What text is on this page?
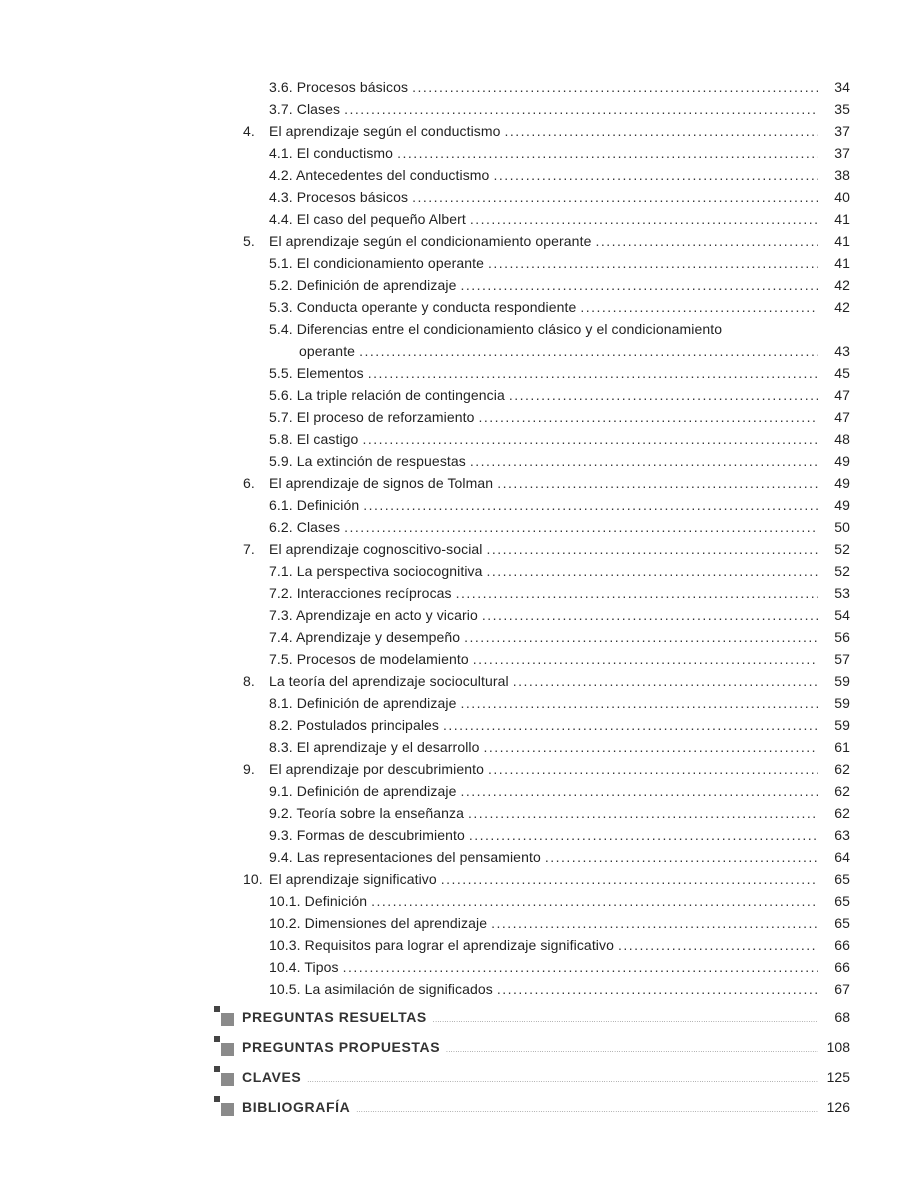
3.6. Procesos básicos . . .	34
3.7. Clases . . .	35
4.	El aprendizaje según el conductismo . . .	37
4.1. El conductismo . . .	37
4.2. Antecedentes del conductismo . . .	38
4.3. Procesos básicos . . .	40
4.4. El caso del pequeño Albert . . .	41
5.	El aprendizaje según el condicionamiento operante . . .	41
5.1. El condicionamiento operante . . .	41
5.2. Definición de aprendizaje . . .	42
5.3. Conducta operante y conducta respondiente . . .	42
5.4. Diferencias entre el condicionamiento clásico y el condicionamiento
operante . . .	43
5.5. Elementos . . .	45
5.6. La triple relación de contingencia . . .	47
5.7. El proceso de reforzamiento . . .	47
5.8. El castigo . . .	48
5.9. La extinción de respuestas . . .	49
6.	El aprendizaje de signos de Tolman . . .	49
6.1. Definición . . .	49
6.2. Clases . . .	50
7.	El aprendizaje cognoscitivo-social . . .	52
7.1. La perspectiva sociocognitiva . . .	52
7.2. Interacciones recíprocas . . .	53
7.3. Aprendizaje en acto y vicario . . .	54
7.4. Aprendizaje y desempeño . . .	56
7.5. Procesos de modelamiento . . .	57
8.	La teoría del aprendizaje sociocultural . . .	59
8.1. Definición de aprendizaje . . .	59
8.2. Postulados principales . . .	59
8.3. El aprendizaje y el desarrollo . . .	61
9.	El aprendizaje por descubrimiento . . .	62
9.1. Definición de aprendizaje . . .	62
9.2. Teoría sobre la enseñanza . . .	62
9.3. Formas de descubrimiento . . .	63
9.4. Las representaciones del pensamiento . . .	64
10. El aprendizaje significativo . . .	65
10.1. Definición . . .	65
10.2. Dimensiones del aprendizaje . . .	65
10.3. Requisitos para lograr el aprendizaje significativo . . .	66
10.4. Tipos . . .	66
10.5. La asimilación de significados . . .	67
PREGUNTAS RESUELTAS . . .	68
PREGUNTAS PROPUESTAS . . .	108
CLAVES . . .	125
BIBLIOGRAFÍA . . .	126
